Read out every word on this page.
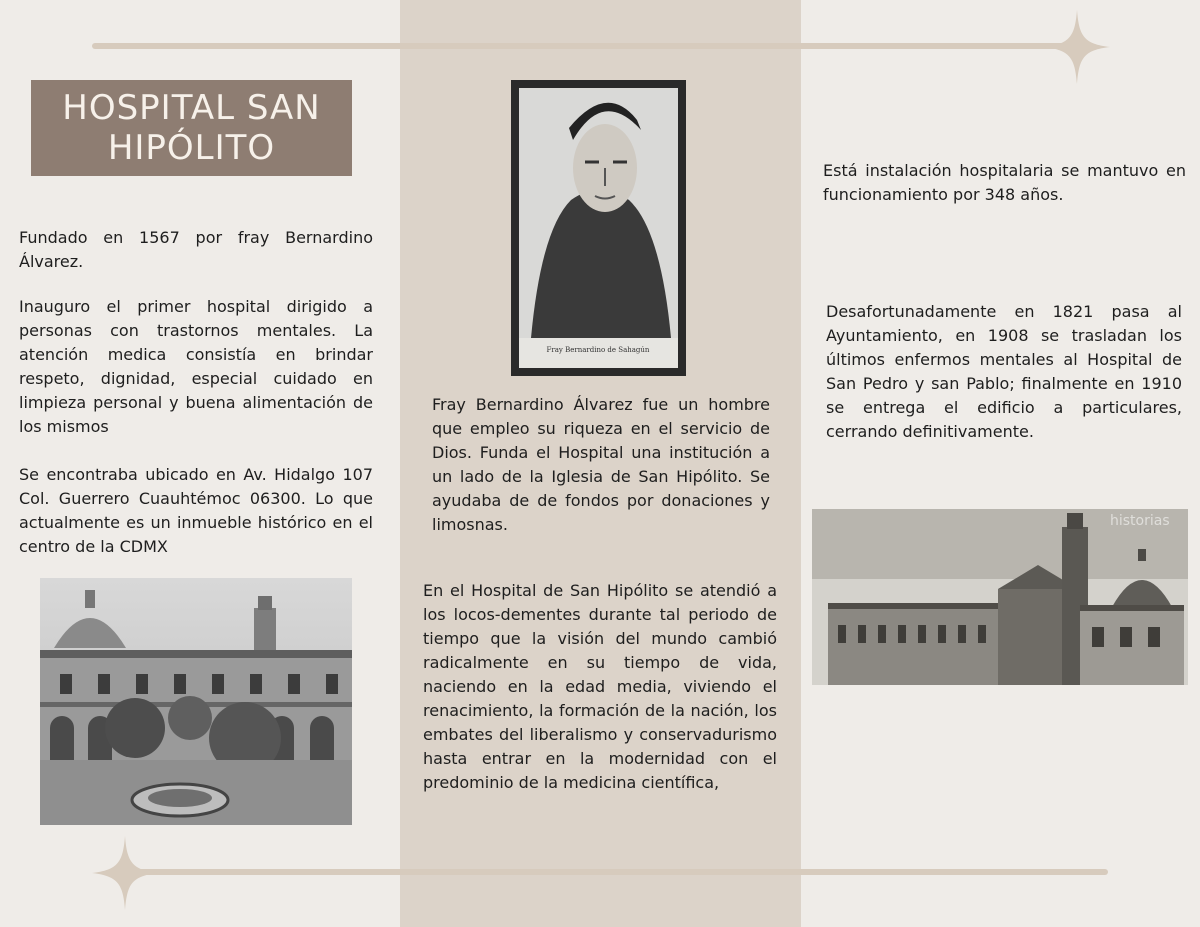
HOSPITAL SAN HIPÓLITO

Fundado en 1567 por fray Bernardino Álvarez.

Inauguro el primer hospital dirigido a personas con trastornos mentales. La atención medica consistía en brindar respeto, dignidad, especial cuidado en limpieza personal y buena alimentación de los mismos

Se encontraba ubicado en Av. Hidalgo 107 Col. Guerrero Cuauhtémoc 06300. Lo que actualmente es un inmueble histórico en el centro de la CDMX

Fray Bernardino de Sahagún

Fray Bernardino Álvarez fue un hombre que empleo su riqueza en el servicio de Dios. Funda el Hospital una institución a un lado de la Iglesia de San Hipólito. Se ayudaba de de fondos por donaciones y limosnas.

En el Hospital de San Hipólito se atendió a los locos-dementes durante tal periodo de tiempo que la visión del mundo cambió radicalmente en su tiempo de vida, naciendo en la edad media, viviendo el renacimiento, la formación de la nación, los embates del liberalismo y conservadurismo hasta entrar en la modernidad con el predominio de la medicina científica,

Está instalación hospitalaria se mantuvo en funcionamiento por 348 años.

Desafortunadamente en 1821 pasa al Ayuntamiento, en 1908 se trasladan los últimos enfermos mentales al Hospital de San Pedro y san Pablo; finalmente en 1910 se entrega el edificio a particulares, cerrando definitivamente.

historias
